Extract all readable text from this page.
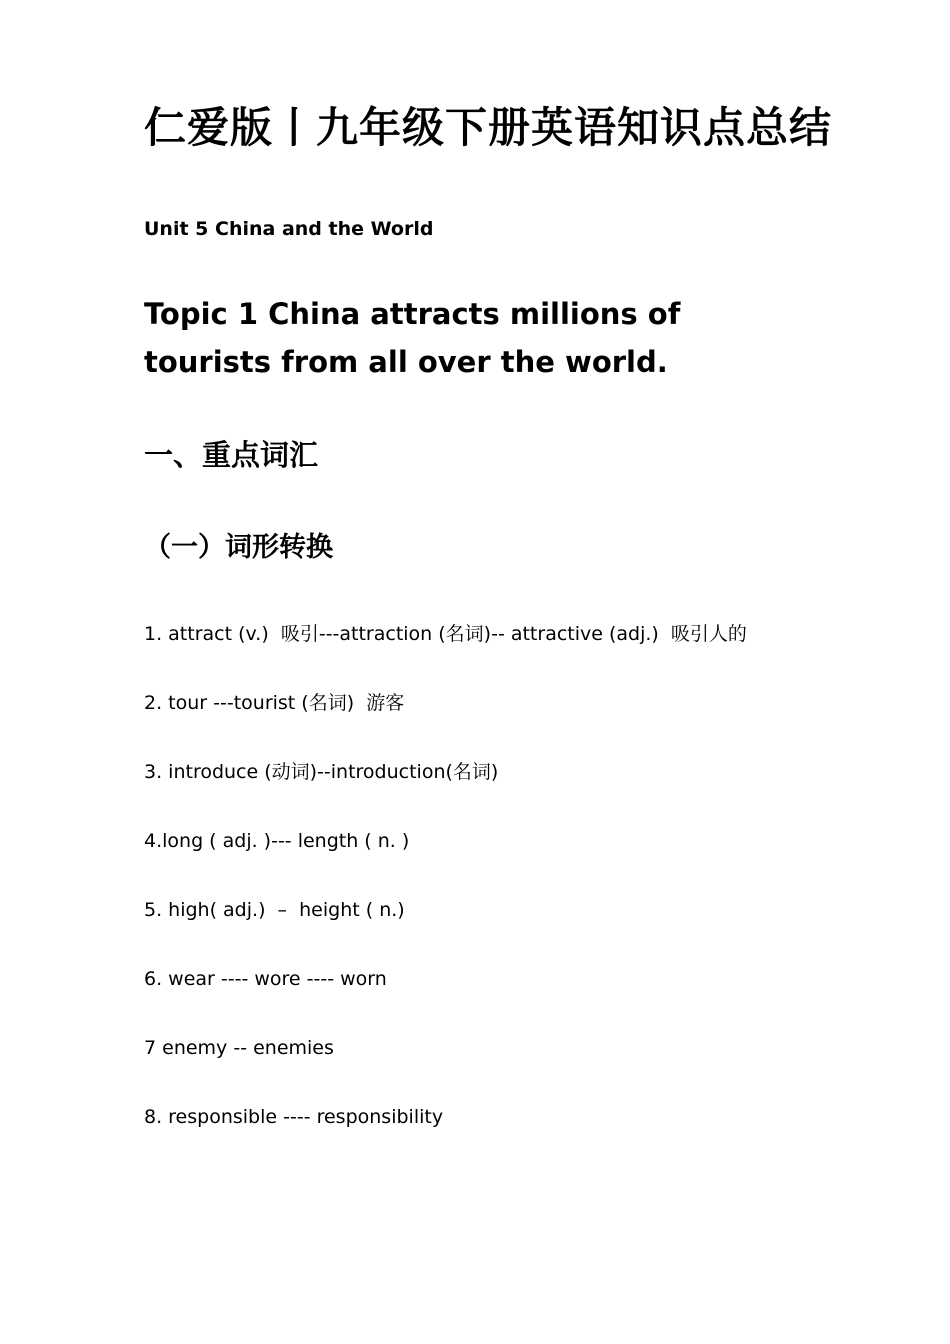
仁爱版丨九年级下册英语知识点总结
Unit 5 China and the World
Topic 1 China attracts millions of tourists from all over the world.
一、重点词汇
（一）词形转换
1. attract (v.)  吸引---attraction (名词)-- attractive (adj.)  吸引人的
2. tour ---tourist (名词)  游客
3. introduce (动词)--introduction(名词)
4.long ( adj. )--- length ( n. )
5. high( adj.)  –  height ( n.)
6. wear ---- wore ---- worn
7 enemy -- enemies
8. responsible ---- responsibility
